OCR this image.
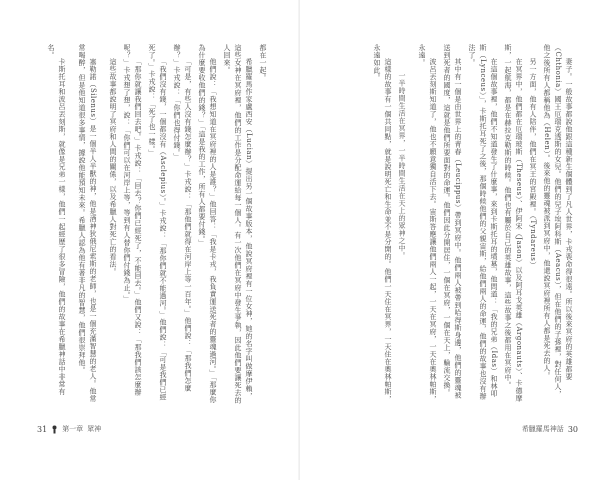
都在一起。

希臘羅馬作家盧西安（Lucian）提出另一個故事版本，他說冥府裡有一位女神，她的名字叫做摩伊賴，這些女神在冥府裡，他們的工作是分配命運給每一個人。有一次他們在冥府中發生爭執，因此他們要讓死去的人回來。

他們說：「我想知道在冥府裡的人是誰？」他回答：「我是卡戎，我負責運送死者的靈魂過河。」「那麼你為什麼要收他們的錢？」「這是我的工作，所有人都要付錢。」

「可是，有些人沒有錢怎麼辦？」卡戎說：「那他們就得在河岸上等一百年。」他們說：「那我們怎麼辦？」卡戎說：「你們也得付錢。」

「我們沒有錢，一個都沒有（Asclepius）。」卡戎說：「那你們就不能過河。」他們說：「可是我們已經死了。」卡戎說：「死了也一樣。」

「那你就讓我們回去吧。」卡戎說：「回去？你們已經死了，不能回去。」他們又說：「那我們該怎麼辦呢？」卡戎想了想，說：「你們可以在河岸上等，等到有人替你們付錢為止。」

這些故事都說明了冥府和人間的關係，以及希臘人對死亡的看法。

塞勒諾（Silenus）是一個半人半獸的神，他是酒神狄俄尼索斯的老師，也是一個充滿智慧的老人。他常常喝醉，但是他知道很多事情，據說他能預知未來。希臘人認為他有著非凡的智慧，他們很崇拜他。

卡斯托耳和波呂丟刻斯，就像是兄弟一樣，他們一起經歷了很多冒險，他們的故事在希臘神話中非常有名。

31 第一章 眾神

妻子。一般故事都說他跟這種新生個體到了凡人世界，卡戎喪命得很遠。所以後來冥府的英雄都要（Chthonia）國王厄瑞克透斯的女兒。他們的兒子埃阿科斯（Aeacus），但在他們的子孫裡，對任何人，他之後所有人都稱他為（Helen）。後來他的靈魂被派到冥府中，他還說冥府裡所有人都是死去的人。

另一方面，他有人陪伴，他們在冥王的宮殿裡。（Tyndareus）

在冥界中，他們都在厄瑞玻斯（Theseus）、伊阿宋（Jason）以及阿耳戈英雄（Argonauts）、卡德摩斯，一起航海，都是在赫拉克勒斯的時候。他們也有屬於自己的英雄故事，這些故事之後都用在冥府中。

在這個故事裡，他們不知道發生了什麼事，來到卡斯托耳的墳墓，他問道：「我的兄弟（Idas）和林叩斯（Lynceus）」，卡斯托耳死了之後，那個時候他們的父親宙斯，給他們兩人的命運，他們的故事也沒有辦法了。

其中有一個是由世界上的青春（Leucippus）帶到冥府中。他們兩人被帶到哈得斯身邊，他們的靈魂被送到死者的國度，這就是他們所要面對的命運。他們因此分開居住，一個在冥府，一個在天上，輪流交換。

波呂丟刻斯知道了，他也不願意獨自活下去。宙斯答應讓他們兩人一起，一天在冥府，一天在奧林帕斯，永遠。

一半時間生活在冥界，一半時間生活在天上的眾神之中。

這樣的故事有一個共同點，就是說明死亡和生命並不是分開的。他們一天住在冥界，一天住在奧林帕斯，永遠如此。

希臘羅馬神話 30
